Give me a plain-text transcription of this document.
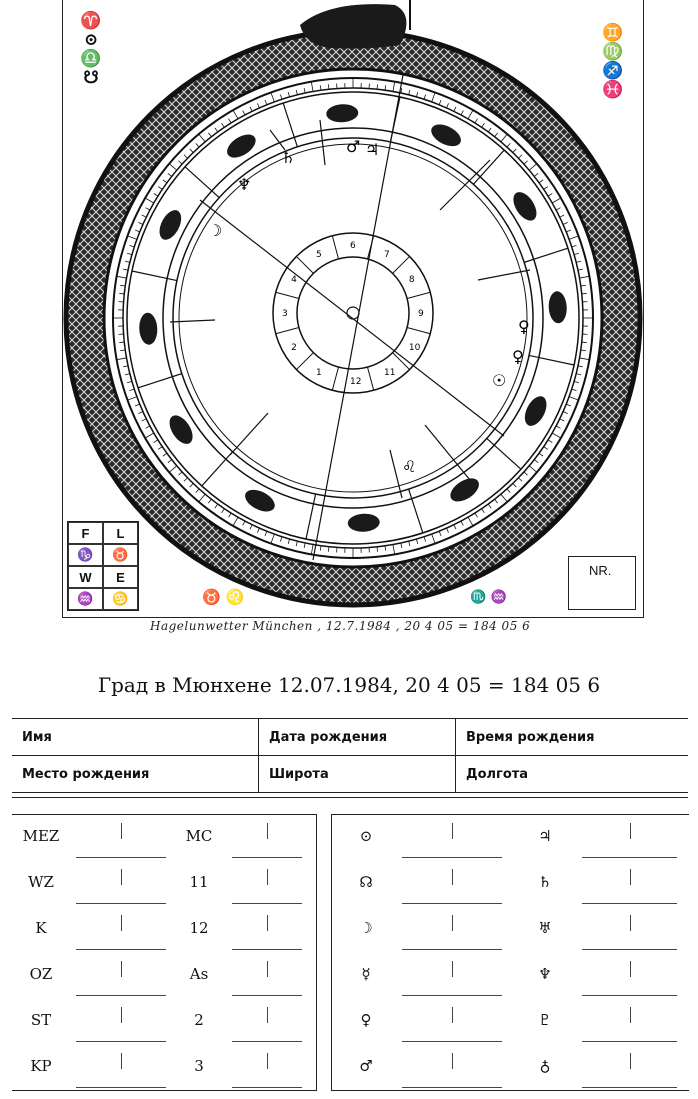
7
8
9
10
11
12
1
2
3
4
5
6
♄
♂ ♃
♆
☽
♀
♀
☉
♌
♈
⊙
♎
☋
♊
♍
♐
♓
F	L
♑	♉
W	E
♒	♋
NR.
♉ ♌	♏ ♒
Hagelunwetter München , 12.7.1984 , 20 4 05 = 184 05 6
Град в Мюнхене 12.07.1984, 20 4 05 = 184 05 6
Имя	Дата рождения	Время рождения
Место рождения	Широта	Долгота
MEZ	MC
WZ	11
K	12
OZ	As
ST	2
KP	3
⊙	♃
☊	♄
☽	♅
☿	♆
♀	♇
♂	♁
